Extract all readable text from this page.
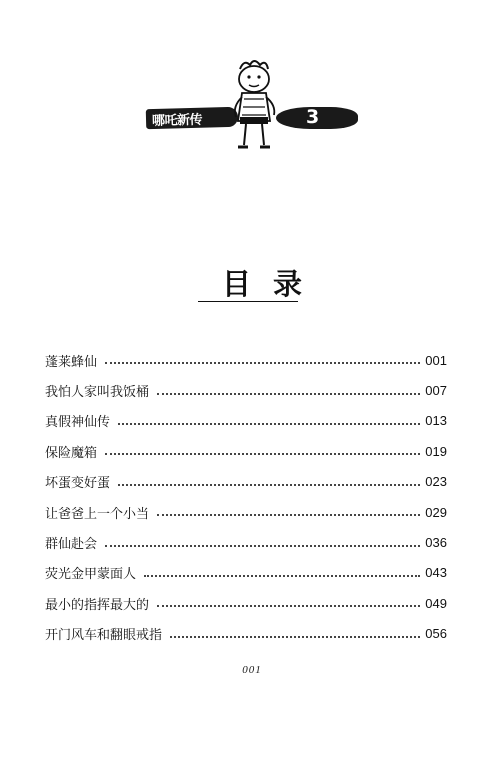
哪吒新传	3
目录
蓬莱蜂仙	001
我怕人家叫我饭桶	007
真假神仙传	013
保险魔箱	019
坏蛋变好蛋	023
让爸爸上一个小当	029
群仙赴会	036
荧光金甲蒙面人	043
最小的指挥最大的	049
开门风车和翻眼戒指	056
001
